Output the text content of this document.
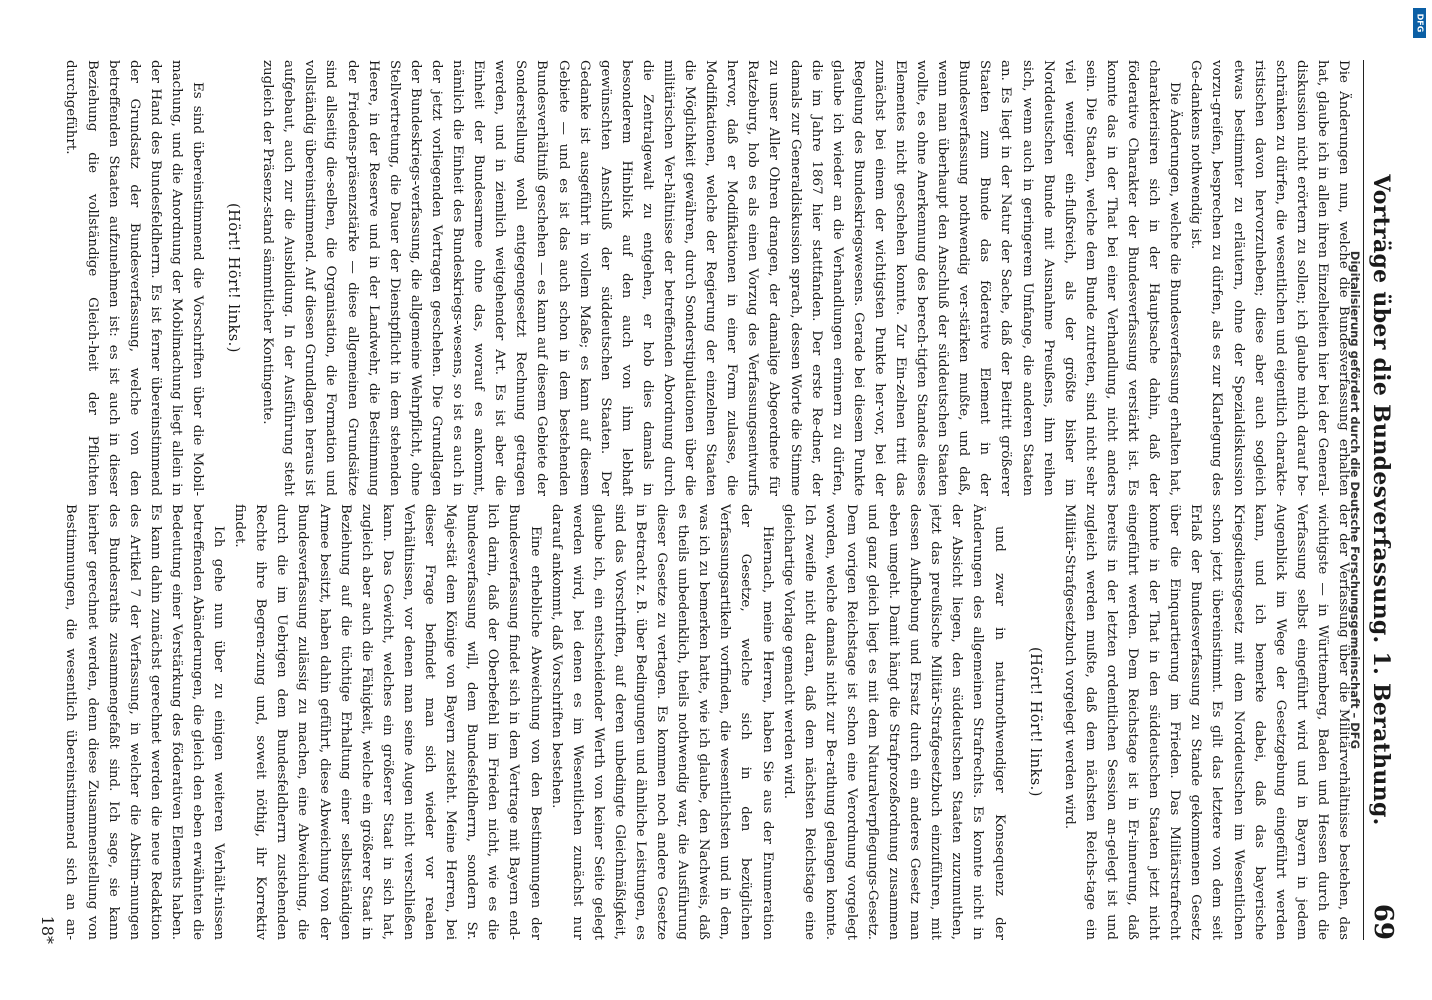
Vorträge über die Bundesverfassung. 1. Berathung.
69

Die Änderungen nun, welche die Bundesverfassung erhalten hat, glaube ich in allen ihren Einzelheiten hier bei der General-diskussion nicht erörtern zu sollen; ich glaube mich darauf be-schränken zu dürfen, die wesentlichen und eigentlich charakte-ristischen davon hervorzuheben; diese aber auch sogleich etwas bestimmter zu erläutern, ohne der Spezialdiskussion vorzu-greifen, besprechen zu dürfen, als es zur Klarlegung des Ge-dankens nothwendig ist.

Die Änderungen, welche die Bundesverfassung erhalten hat, charakterisiren sich in der Hauptsache dahin, daß der föderative Charakter der Bundesverfassung verstärkt ist. Es konnte das in der That bei einer Verhandlung, nicht anders sein. Die Staaten, welche dem Bunde zutreten, sind nicht sehr viel weniger ein-flußreich, als der größte bisher im Norddeutschen Bunde mit Ausnahme Preußens, ihm reihen sich, wenn auch in geringerem Umfange, die anderen Staaten an. Es liegt in der Natur der Sache, daß der Beitritt größerer Staaten zum Bunde das föderative Element in der Bundesverfassung nothwendig ver-stärken mußte, und daß, wenn man überhaupt den Anschluß der süddeutschen Staaten wollte, es ohne Anerkennung des berech-tigten Standes dieses Elementes nicht geschehen konnte. Zur Ein-zelnen tritt das zunächst bei einem der wichtigsten Punkte her-vor, bei der Regelung des Bundeskriegswesens. Gerade bei diesem Punkte glaube ich wieder an die Verhandlungen erinnern zu dürfen, die im Jahre 1867 hier stattfanden. Der erste Re-dner, der damals zur Generaldiskussion sprach, dessen Worte die Stimme zu unser Aller Ohren drangen, der damalige Abgeordnete für Ratzeburg, hob es als einen Vorzug des Verfassungsentwurfs hervor, daß er Modifikationen in einer Form zulasse, die Modifikationen, welche der Regierung der einzelnen Staaten die Möglichkeit gewähren, durch Sonderstipulationen über die militärischen Ver-hältnisse der betreffenden Abordnung durch die Zentralgewalt zu entgehen, er hob dies damals in besonderem Hinblick auf den auch von ihm lebhaft gewünschten Anschluß der süddeutschen Staaten. Der Gedanke ist ausgeführt in vollem Maße; es kann auf diesem Gebiete — und es ist das auch schon in dem bestehenden Bundesverhältniß geschehen — es kann auf diesem Gebiete der Sonderstellung wohl entgegengesetzt Rechnung getragen werden, und in ziemlich weitgehender Art. Es ist aber die Einheit der Bundesarmee ohne das, worauf es ankommt, nämlich die Einheit des Bundeskriegs-wesens, so ist es auch in der jetzt vorliegenden Vertragen geschehen. Die Grundlagen der Bundeskriegs-verfassung, die allgemeine Wehrpflicht, ohne Stellvertretung, die Dauer der Dienstpflicht in dem stehenden Heere, in der Reserve und in der Landwehr, die Bestimmung der Friedens-präsenzstärke — diese allgemeinen Grundsätze sind allseitig die-selben, die Organisation, die Formation und vollständig übereinstimmend. Auf diesen Grundlagen heraus ist aufgebaut, auch zur die Ausbildung. In der Ausführung steht zugleich der Präsenz-stand sämmtlicher Kontingente.

(Hört! Hört! links.)

Es sind übereinstimmend die Vorschriften über die Mobil-machung, und die Anordnung der Mobilmachung liegt allein in der Hand des Bundesfeldherrn. Es ist ferner übereinstimmend der Grundsatz der Bundesverfassung, welche von den betreffenden Staaten aufzunehmen ist: es ist auch in dieser Beziehung die vollständige Gleich-heit der Pflichten durchgeführt.

der der Verfassung über die Militärverhältnisse bestehen, das wichtigste — in Württemberg, Baden und Hessen durch die Verfassung selbst eingeführt wird und in Bayern in jedem Augenblick im Wege der Gesetzgebung eingeführt werden kann, und ich bemerke dabei, daß das bayerische Kriegsdienstgesetz mit dem Norddeutschen im Wesentlichen schon jetzt übereinstimmt. Es gilt das letztere von dem seit Erlaß der Bundesverfassung zu Stande gekommenen Gesetz über die Einquartierung im Frieden. Das Militärstrafrecht konnte in der That in den süddeutschen Staaten jetzt nicht eingeführt werden. Dem Reichstage ist in Er-innerung, daß bereits in der letzten ordentlichen Session an-gelegt ist und zugleich werden mußte, daß dem nächsten Reichs-tage ein Militär-Strafgesetzbuch vorgelegt werden wird.

(Hört! Hört! links.)

und zwar in naturnothwendiger Konsequenz der Änderungen des allgemeinen Strafrechts. Es konnte nicht in der Absicht liegen, den süddeutschen Staaten zuzumuthen, jetzt das preußische Militär-Strafgesetzbuch einzuführen, mit dessen Aufhebung und Ersatz durch ein anderes Gesetz man eben umgeht. Damit hängt die Strafprozeßordnung zusammen und ganz gleich liegt es mit dem Naturalverpflegungs-Gesetz. Dem vorigen Reichstage ist schon eine Verordnung vorgelegt worden, welche damals nicht zur Be-rathung gelangen konnte. Ich zweifle nicht daran, daß dem nächsten Reichstage eine gleichartige Vorlage gemacht werden wird.

Hiernach, meine Herren, haben Sie aus der Enumeration der Gesetze, welche sich in den bezüglichen Verfassungsartikeln vorfinden, die wesentlichsten und in dem, was ich zu bemerken hatte, wie ich glaube, den Nachweis, daß es theils unbedenklich, theils nothwendig war, die Ausführung dieser Gesetze zu vertagen. Es kommen noch andere Gesetze in Betracht z. B. über Bedingungen und ähnliche Leistungen, es sind das Vorschriften, auf deren unbedingte Gleichmäßigkeit, glaube ich, ein entscheidender Werth von keiner Seite gelegt werden wird, bei denen es im Wesentlichen zunächst nur darauf ankommt, daß Vorschriften bestehen.

Eine erhebliche Abweichung von den Bestimmungen der Bundesverfassung findet sich in dem Vertrage mit Bayern end-lich darin, daß der Oberbefehl im Frieden nicht, wie es die Bundesverfassung will, dem Bundesfeldherrn, sondern Sr. Maje-stät dem Könige von Bayern zusteht. Meine Herren, bei dieser Frage befindet man sich wieder vor realen Verhältnissen, vor denen man seine Augen nicht verschließen kann. Das Gewicht, welches ein größerer Staat in sich hat, zugleich aber auch die Fähigkeit, welche ein größerer Staat in Beziehung auf die tüchtige Erhaltung einer selbstständigen Armee besitzt, haben dahin geführt, diese Abweichung von der Bundesverfassung zulässig zu machen, eine Abweichung, die durch die im Uebrigen dem Bundesfeldherrn zustehenden Rechte ihre Begren-zung und, soweit nöthig, ihr Korrektiv findet.

Ich gehe nun über zu einigen weiteren Verhält-nissen betreffenden Abänderungen, die gleich den eben erwähnten die Bedeutung einer Verstärkung des föderativen Elements haben. Es kann dahin zunächst gerechnet werden die neue Redaktion des Artikel 7 der Verfassung, in welcher die Abstim-mungen des Bundesraths zusammengefaßt sind. Ich sage, sie kann hierher gerechnet werden, denn diese Zusammenstellung von Bestimmungen, die wesentlich übereinstimmend sich an an-

18*
Digitalisierung gefördert durch die Deutsche Forschungsgemeinschaft – DFG
DFG
